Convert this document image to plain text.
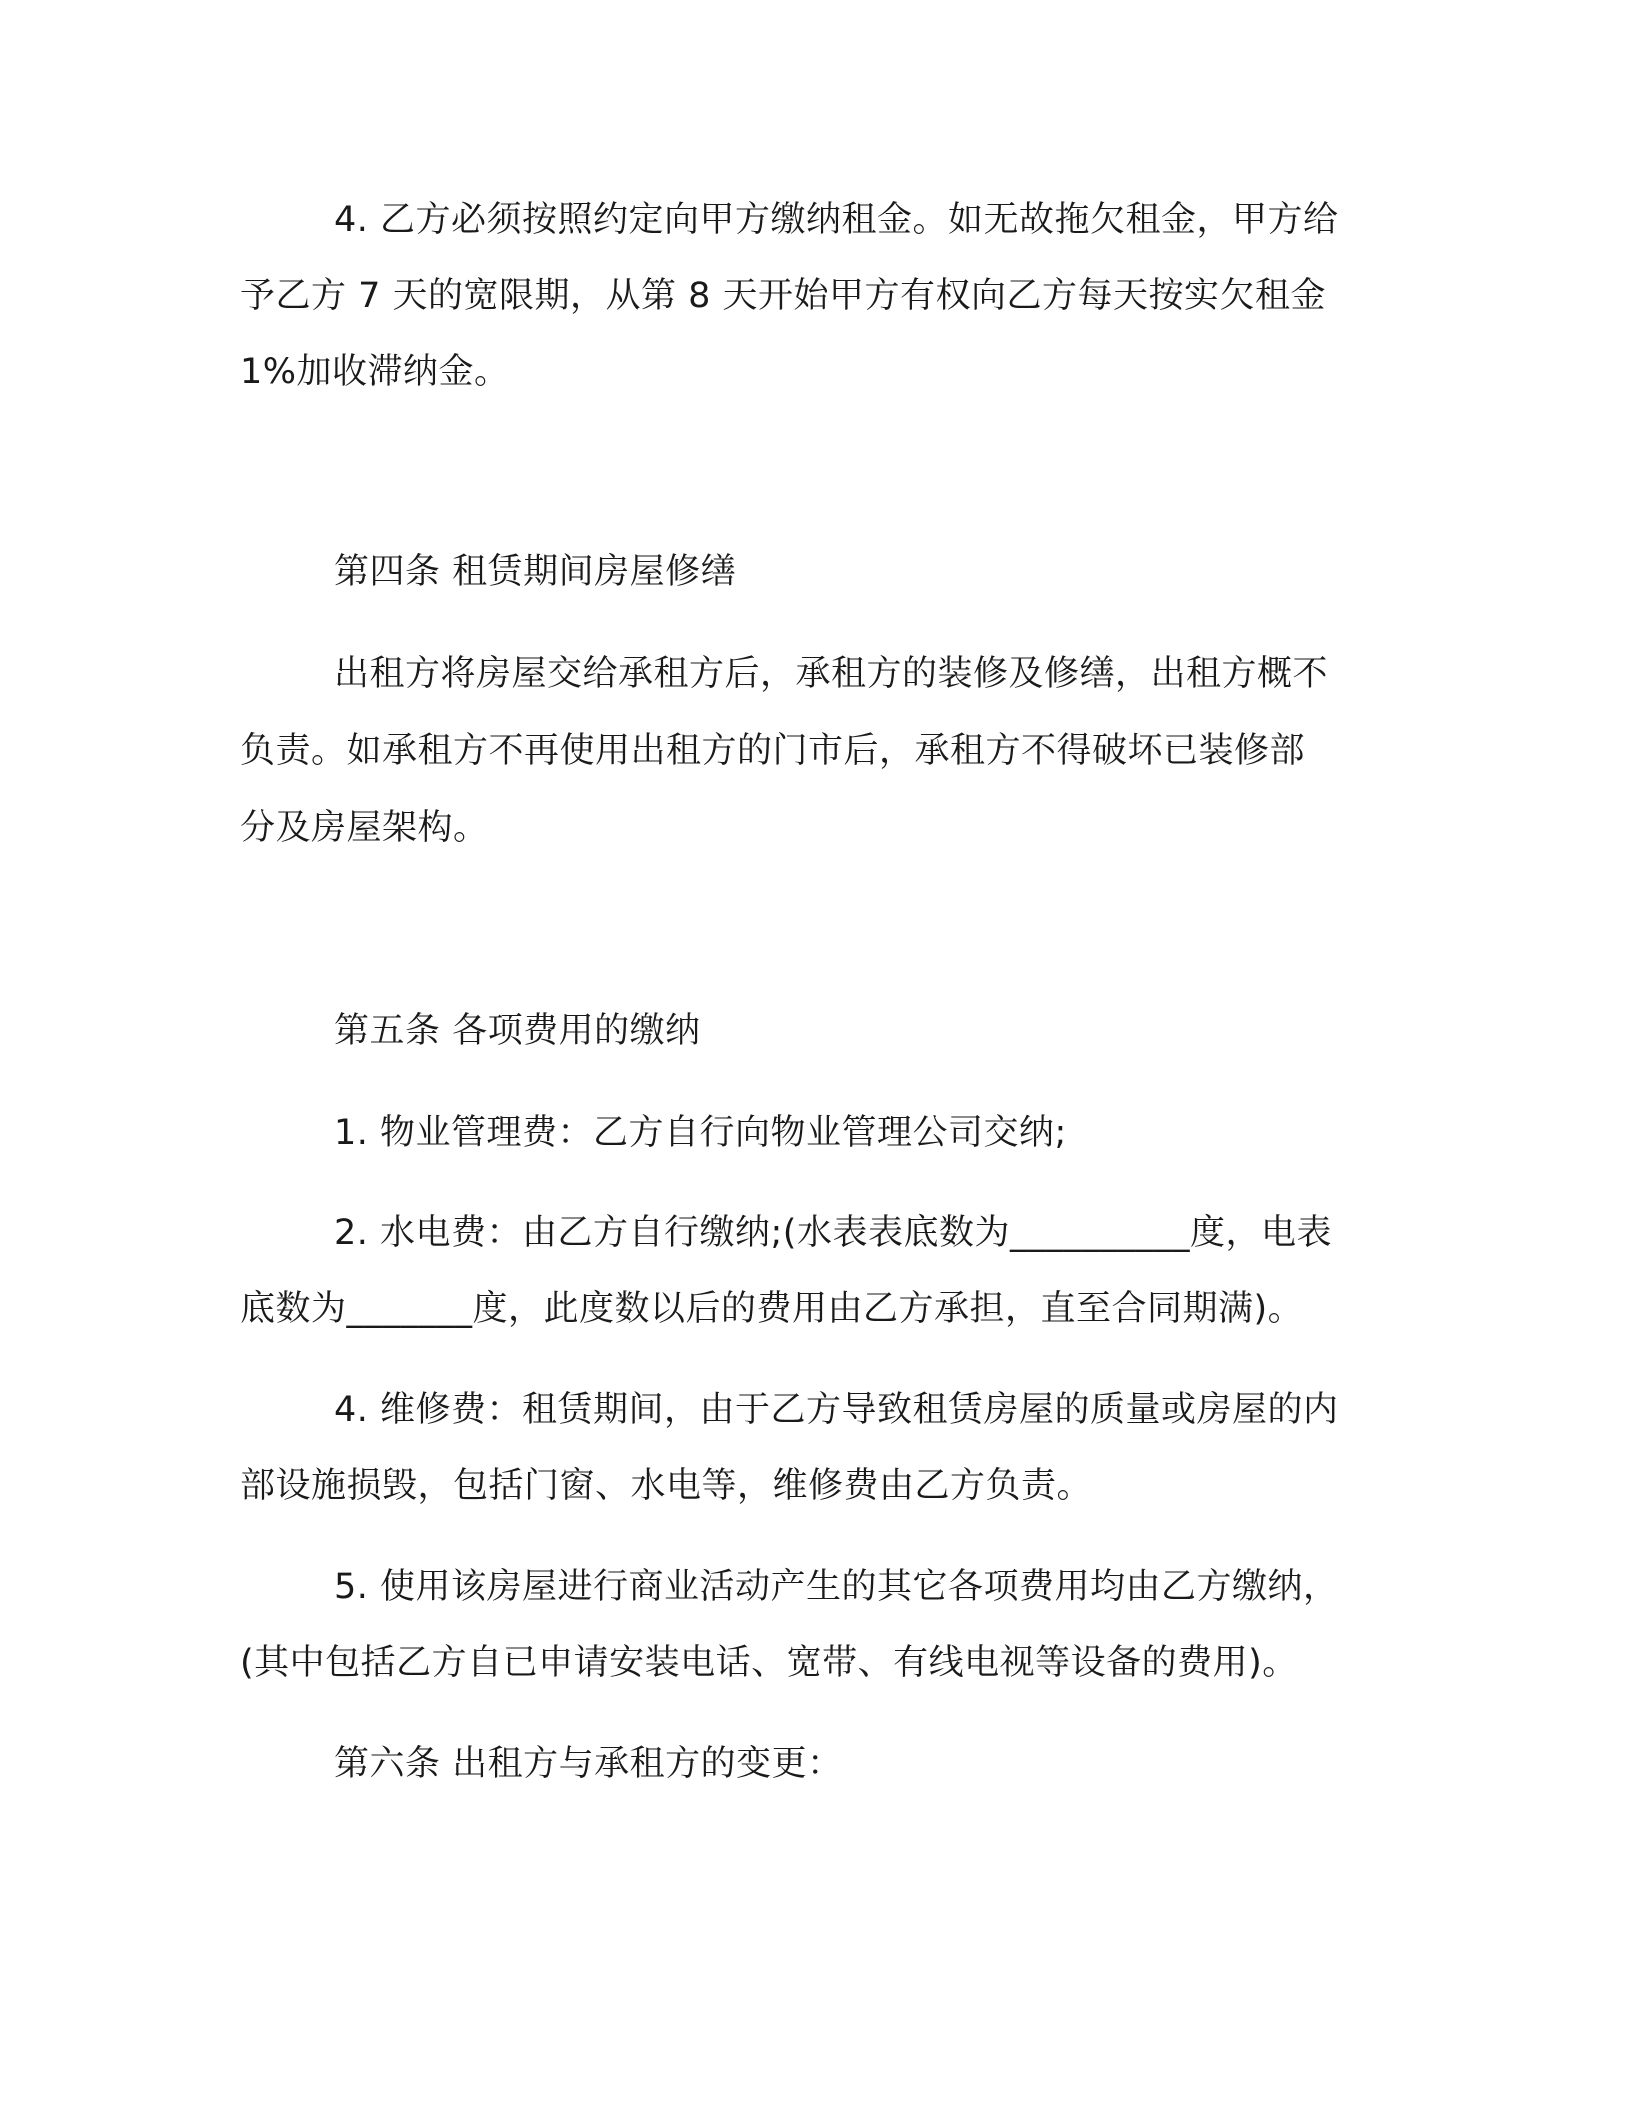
4. 乙方必须按照约定向甲方缴纳租金。如无故拖欠租金，甲方给

予乙方 7 天的宽限期，从第 8 天开始甲方有权向乙方每天按实欠租金

1%加收滞纳金。

第四条 租赁期间房屋修缮

出租方将房屋交给承租方后，承租方的装修及修缮，出租方概不

负责。如承租方不再使用出租方的门市后，承租方不得破坏已装修部

分及房屋架构。

第五条 各项费用的缴纳

1. 物业管理费：乙方自行向物业管理公司交纳;

2. 水电费：由乙方自行缴纳;(水表表底数为__________度，电表

底数为_______度，此度数以后的费用由乙方承担，直至合同期满)。

4. 维修费：租赁期间，由于乙方导致租赁房屋的质量或房屋的内

部设施损毁，包括门窗、水电等，维修费由乙方负责。

5. 使用该房屋进行商业活动产生的其它各项费用均由乙方缴纳，

(其中包括乙方自已申请安装电话、宽带、有线电视等设备的费用)。

第六条 出租方与承租方的变更：
